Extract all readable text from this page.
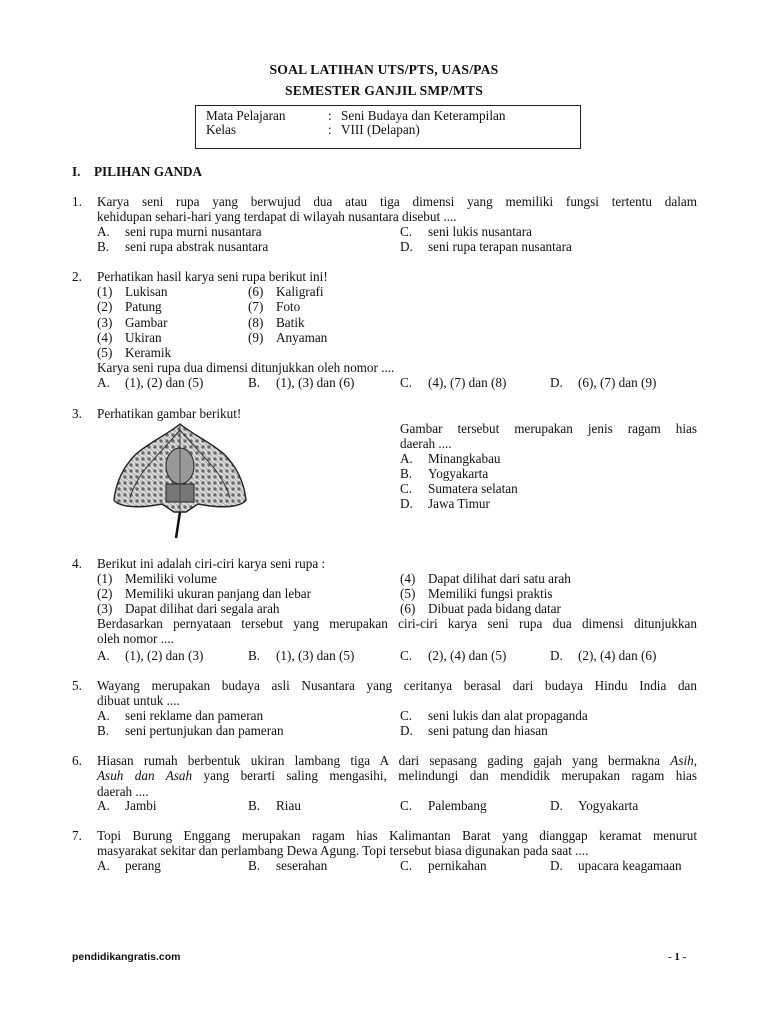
SOAL LATIHAN UTS/PTS, UAS/PAS
SEMESTER GANJIL SMP/MTS
Mata Pelajaran	: Seni Budaya dan Keterampilan
Kelas	: VIII (Delapan)
I. PILIHAN GANDA
1. Karya seni rupa yang berwujud dua atau tiga dimensi yang memiliki fungsi tertentu dalam
kehidupan sehari-hari yang terdapat di wilayah nusantara disebut ....
A. seni rupa murni nusantara
B. seni rupa abstrak nusantara
C. seni lukis nusantara
D. seni rupa terapan nusantara
2. Perhatikan hasil karya seni rupa berikut ini!
(1) Lukisan
(2) Patung
(3) Gambar
(4) Ukiran
(5) Keramik
(6) Kaligrafi
(7) Foto
(8) Batik
(9) Anyaman
Karya seni rupa dua dimensi ditunjukkan oleh nomor ....
A. (1), (2) dan (5)	B. (1), (3) dan (6)	C. (4), (7) dan (8)	D. (6), (7) dan (9)
3. Perhatikan gambar berikut!
Gambar tersebut merupakan jenis ragam hias
daerah ....
A. Minangkabau
B. Yogyakarta
C. Sumatera selatan
D. Jawa Timur
4. Berikut ini adalah ciri-ciri karya seni rupa :
(1) Memiliki volume
(2) Memiliki ukuran panjang dan lebar
(3) Dapat dilihat dari segala arah
(4) Dapat dilihat dari satu arah
(5) Memiliki fungsi praktis
(6) Dibuat pada bidang datar
Berdasarkan pernyataan tersebut yang merupakan ciri-ciri karya seni rupa dua dimensi ditunjukkan
oleh nomor ....
A. (1), (2) dan (3)	B. (1), (3) dan (5)	C. (2), (4) dan (5)	D. (2), (4) dan (6)
5. Wayang merupakan budaya asli Nusantara yang ceritanya berasal dari budaya Hindu India dan
dibuat untuk ....
A. seni reklame dan pameran
B. seni pertunjukan dan pameran
C. seni lukis dan alat propaganda
D. seni patung dan hiasan
6. Hiasan rumah berbentuk ukiran lambang tiga A dari sepasang gading gajah yang bermakna Asih,
Asuh dan Asah yang berarti saling mengasihi, melindungi dan mendidik merupakan ragam hias
daerah ....
A. Jambi	B. Riau	C. Palembang	D. Yogyakarta
7. Topi Burung Enggang merupakan ragam hias Kalimantan Barat yang dianggap keramat menurut
masyarakat sekitar dan perlambang Dewa Agung. Topi tersebut biasa digunakan pada saat ....
A. perang	B. seserahan	C. pernikahan	D. upacara keagamaan
pendidikangratis.com	- 1 -
